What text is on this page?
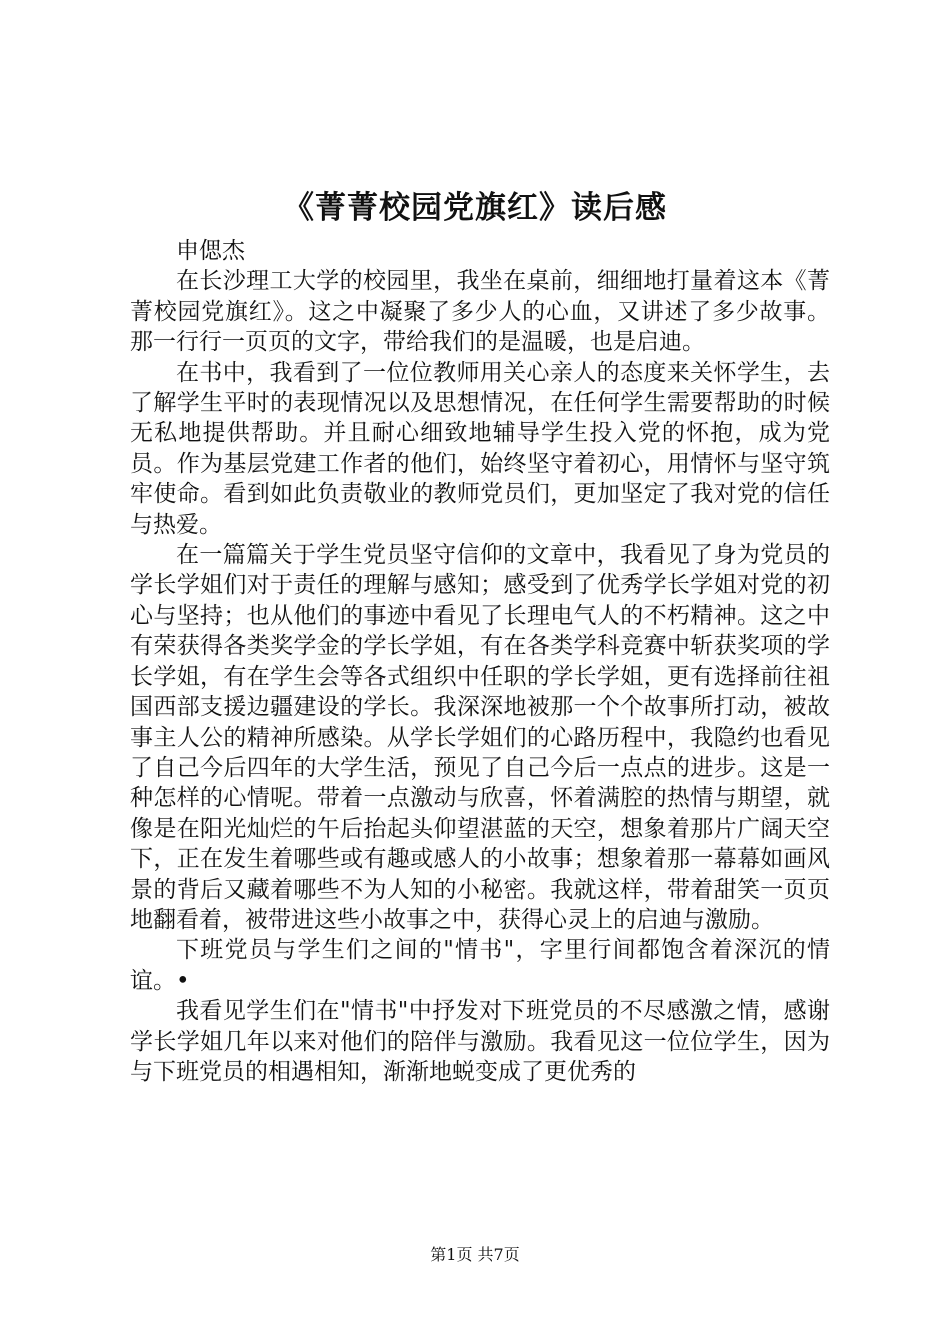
《菁菁校园党旗红》读后感

申偲杰

在长沙理工大学的校园里，我坐在桌前，细细地打量着这本《菁菁校园党旗红》。这之中凝聚了多少人的心血，又讲述了多少故事。那一行行一页页的文字，带给我们的是温暖，也是启迪。

在书中，我看到了一位位教师用关心亲人的态度来关怀学生，去了解学生平时的表现情况以及思想情况，在任何学生需要帮助的时候无私地提供帮助。并且耐心细致地辅导学生投入党的怀抱，成为党员。作为基层党建工作者的他们，始终坚守着初心，用情怀与坚守筑牢使命。看到如此负责敬业的教师党员们，更加坚定了我对党的信任与热爱。

在一篇篇关于学生党员坚守信仰的文章中，我看见了身为党员的学长学姐们对于责任的理解与感知；感受到了优秀学长学姐对党的初心与坚持；也从他们的事迹中看见了长理电气人的不朽精神。这之中有荣获得各类奖学金的学长学姐，有在各类学科竞赛中斩获奖项的学长学姐，有在学生会等各式组织中任职的学长学姐，更有选择前往祖国西部支援边疆建设的学长。我深深地被那一个个故事所打动，被故事主人公的精神所感染。从学长学姐们的心路历程中，我隐约也看见了自己今后四年的大学生活，预见了自己今后一点点的进步。这是一种怎样的心情呢。带着一点激动与欣喜，怀着满腔的热情与期望，就像是在阳光灿烂的午后抬起头仰望湛蓝的天空，想象着那片广阔天空下，正在发生着哪些或有趣或感人的小故事；想象着那一幕幕如画风景的背后又藏着哪些不为人知的小秘密。我就这样，带着甜笑一页页地翻看着，被带进这些小故事之中，获得心灵上的启迪与激励。

下班党员与学生们之间的"情书"，字里行间都饱含着深沉的情谊。•

我看见学生们在"情书"中抒发对下班党员的不尽感激之情，感谢学长学姐几年以来对他们的陪伴与激励。我看见这一位位学生，因为与下班党员的相遇相知，渐渐地蜕变成了更优秀的

第1页 共7页
